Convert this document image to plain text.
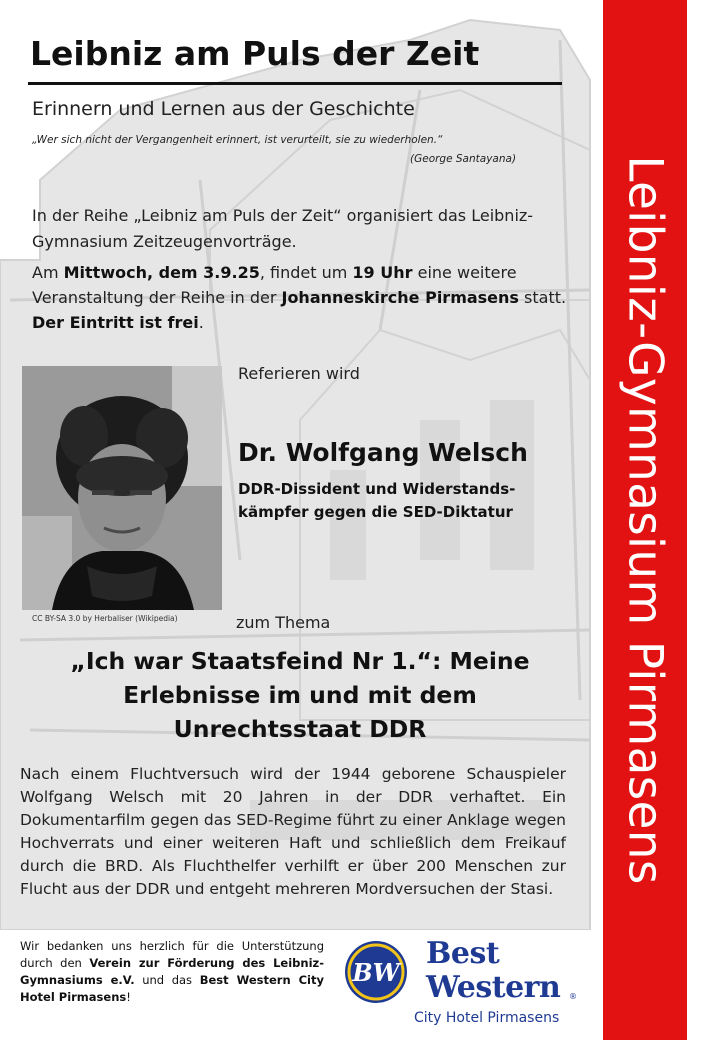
Leibniz am Puls der Zeit
Erinnern und Lernen aus der Geschichte
„Wer sich nicht der Vergangenheit erinnert, ist verurteilt, sie zu wiederholen.“
(George Santayana)
In der Reihe „Leibniz am Puls der Zeit“ organisiert das Leibniz-Gymnasium Zeitzeugenvorträge.
Am Mittwoch, dem 3.9.25, findet um 19 Uhr eine weitere Veranstaltung der Reihe in der Johanneskirche Pirmasens statt. Der Eintritt ist frei.
CC BY-SA 3.0 by Herbaliser (Wikipedia)
Referieren wird
Dr. Wolfgang Welsch
DDR-Dissident und Widerstands-kämpfer gegen die SED-Diktatur
zum Thema
„Ich war Staatsfeind Nr 1.“: Meine Erlebnisse im und mit dem Unrechtsstaat DDR
Nach einem Fluchtversuch wird der 1944 geborene Schauspieler Wolfgang Welsch mit 20 Jahren in der DDR verhaftet. Ein Dokumentarfilm gegen das SED-Regime führt zu einer Anklage wegen Hochverrats und einer weiteren Haft und schließlich dem Freikauf durch die BRD. Als Fluchthelfer verhilft er über 200 Menschen zur Flucht aus der DDR und entgeht mehreren Mordversuchen der Stasi.
Wir bedanken uns herzlich für die Unterstützung durch den Verein zur Förderung des Leibniz-Gymnasiums e.V. und das Best Western City Hotel Pirmasens!
BW
Best
Western ®
City Hotel Pirmasens
Leibniz-Gymnasium Pirmasens
